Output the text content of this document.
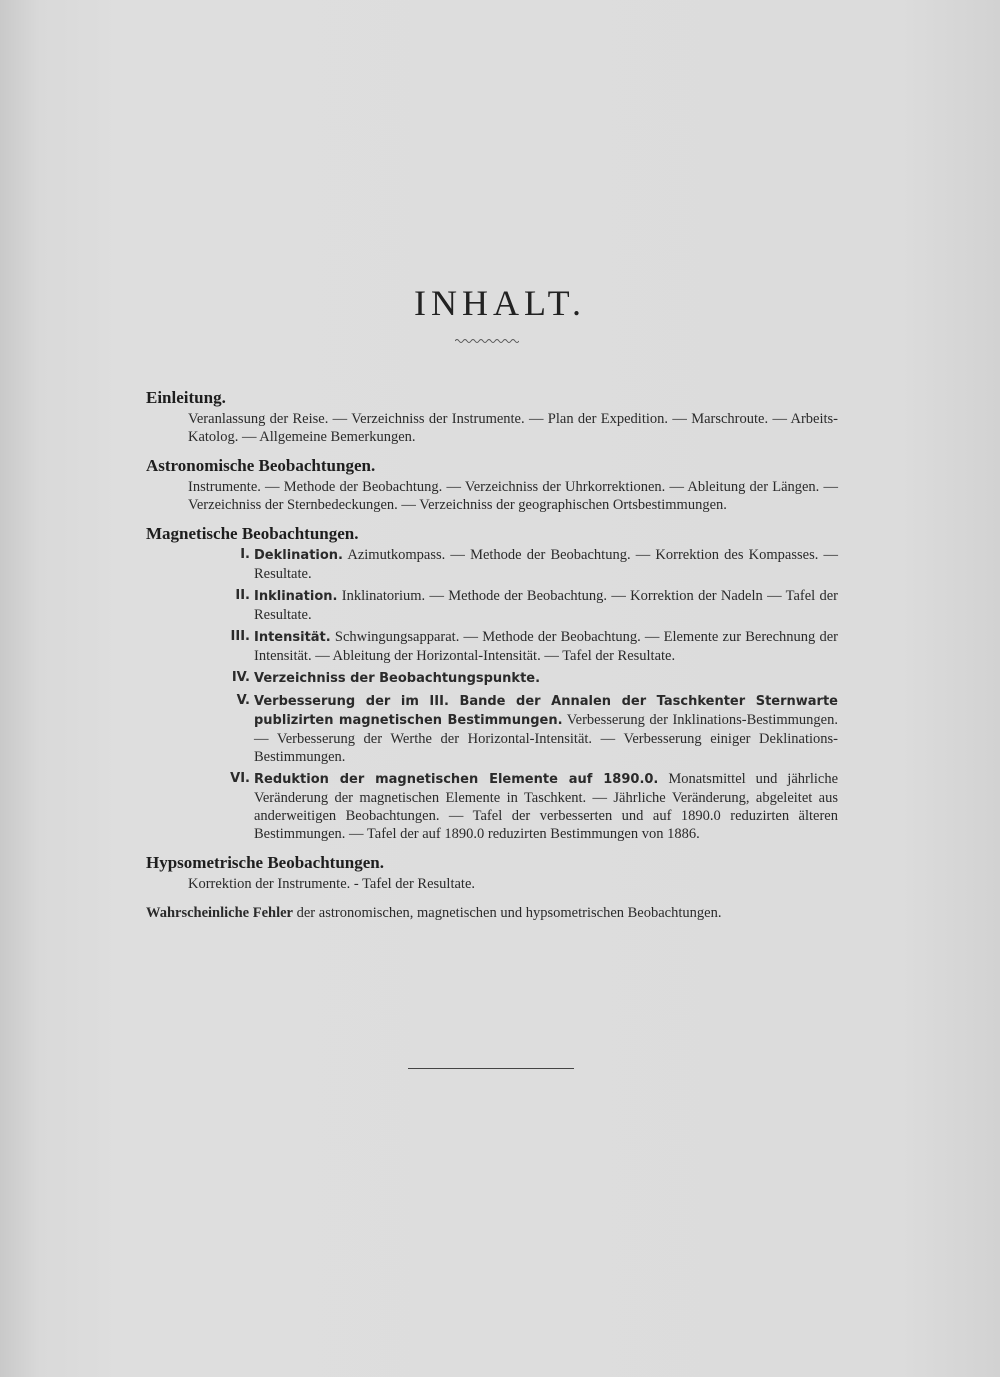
INHALT.
Einleitung.
Veranlassung der Reise. — Verzeichniss der Instrumente. — Plan der Expedition. — Marschroute. — Arbeits-Katolog. — Allgemeine Bemerkungen.
Astronomische Beobachtungen.
Instrumente. — Methode der Beobachtung. — Verzeichniss der Uhrkorrektionen. — Ableitung der Längen. — Verzeichniss der Sternbedeckungen. — Verzeichniss der geographischen Ortsbestimmungen.
Magnetische Beobachtungen.
I. Deklination. Azimutkompass. — Methode der Beobachtung. — Korrektion des Kompasses. — Resultate.
II. Inklination. Inklinatorium. — Methode der Beobachtung. — Korrektion der Nadeln — Tafel der Resultate.
III. Intensität. Schwingungsapparat. — Methode der Beobachtung. — Elemente zur Berechnung der Intensität. — Ableitung der Horizontal-Intensität. — Tafel der Resultate.
IV. Verzeichniss der Beobachtungspunkte.
V. Verbesserung der im III. Bande der Annalen der Taschkenter Sternwarte publizirten magnetischen Bestimmungen. Verbesserung der Inklinations-Bestimmungen. — Verbesserung der Werthe der Horizontal-Intensität. — Verbesserung einiger Deklinations-Bestimmungen.
VI. Reduktion der magnetischen Elemente auf 1890.0. Monatsmittel und jährliche Veränderung der magnetischen Elemente in Taschkent. — Jährliche Veränderung, abgeleitet aus anderweitigen Beobachtungen. — Tafel der verbesserten und auf 1890.0 reduzirten älteren Bestimmungen. — Tafel der auf 1890.0 reduzirten Bestimmungen von 1886.
Hypsometrische Beobachtungen.
Korrektion der Instrumente. - Tafel der Resultate.
Wahrscheinliche Fehler der astronomischen, magnetischen und hypsometrischen Beobachtungen.
